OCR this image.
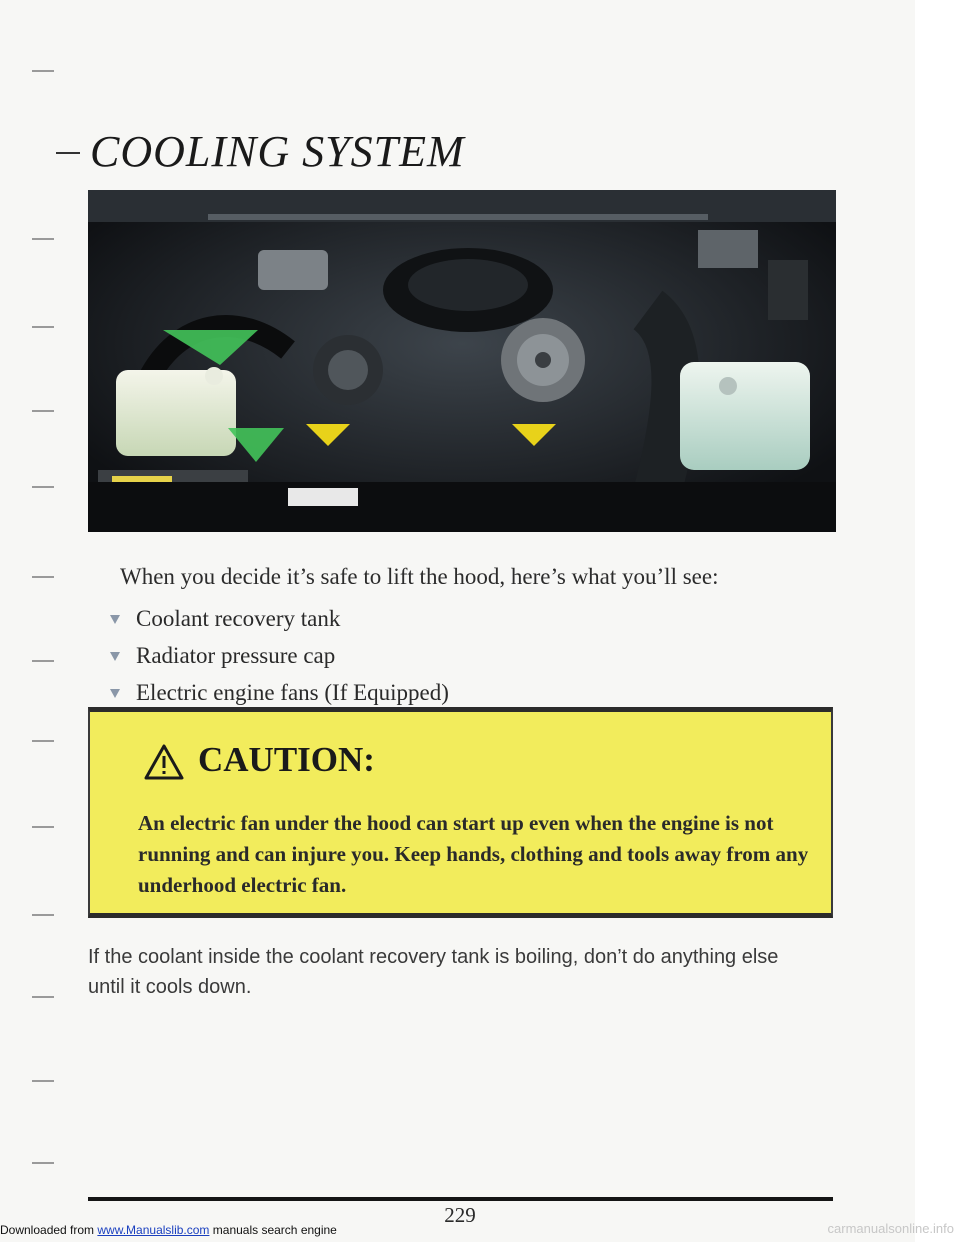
COOLING SYSTEM

When you decide it’s safe to lift the hood, here’s what you’ll see:

Coolant recovery tank
Radiator pressure cap
Electric engine fans (If Equipped)
CAUTION:

An electric fan under the hood can start up even when the engine is not running and can injure you. Keep hands, clothing and tools away from any underhood electric fan.

If the coolant inside the coolant recovery tank is boiling, don’t do anything else until it cools down.

229
Downloaded from www.Manualslib.com manuals search engine	carmanualsonline.info
